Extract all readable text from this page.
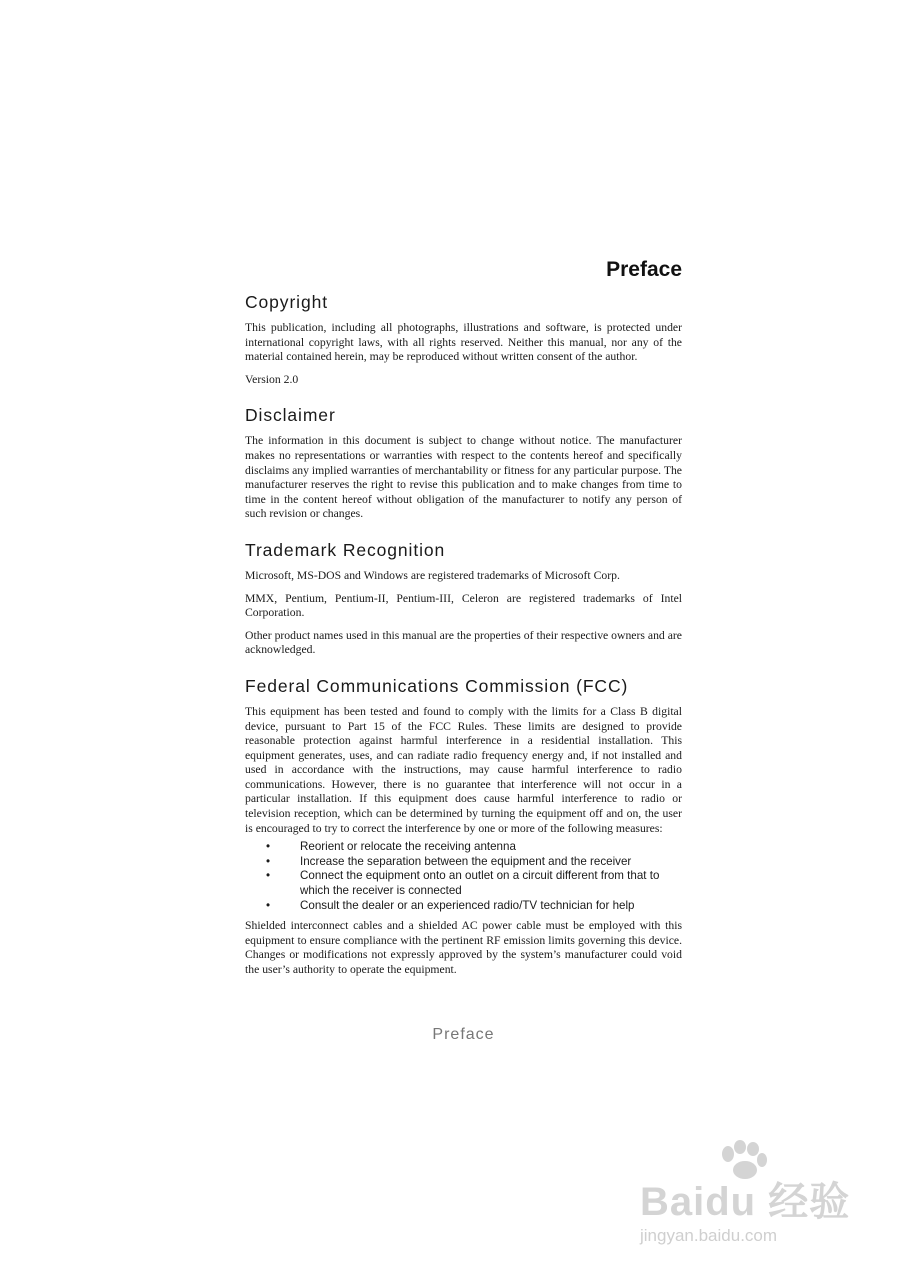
Preface
Copyright

This publication, including all photographs, illustrations and software, is protected under international copyright laws, with all rights reserved. Neither this manual, nor any of the material contained herein, may be reproduced without written consent of the author.

Version 2.0

Disclaimer

The information in this document is subject to change without notice. The manufacturer makes no representations or warranties with respect to the contents hereof and specifically disclaims any implied warranties of merchantability or fitness for any particular purpose. The manufacturer reserves the right to revise this publication and to make changes from time to time in the content hereof without obligation of the manufacturer to notify any person of such revision or changes.

Trademark Recognition

Microsoft, MS-DOS and Windows are registered trademarks of Microsoft Corp.

MMX, Pentium, Pentium-II, Pentium-III, Celeron are registered trademarks of Intel Corporation.

Other product names used in this manual are the properties of their respective owners and are acknowledged.

Federal Communications Commission (FCC)

This equipment has been tested and found to comply with the limits for a Class B digital device, pursuant to Part 15 of the FCC Rules. These limits are designed to provide reasonable protection against harmful interference in a residential installation. This equipment generates, uses, and can radiate radio frequency energy and, if not installed and used in accordance with the instructions, may cause harmful interference to radio communications. However, there is no guarantee that interference will not occur in a particular installation. If this equipment does cause harmful interference to radio or television reception, which can be determined by turning the equipment off and on, the user is encouraged to try to correct the interference by one or more of the following measures:

•	Reorient or relocate the receiving antenna
•	Increase the separation between the equipment and the receiver
•	Connect the equipment onto an outlet on a circuit different from that to which the receiver is connected
•	Consult the dealer or an experienced radio/TV technician for help

Shielded interconnect cables and a shielded AC power cable must be employed with this equipment to ensure compliance with the pertinent RF emission limits governing this device. Changes or modifications not expressly approved by the system’s manufacturer could void the user’s authority to operate the equipment.

Preface
Baidu 经验
jingyan.baidu.com
